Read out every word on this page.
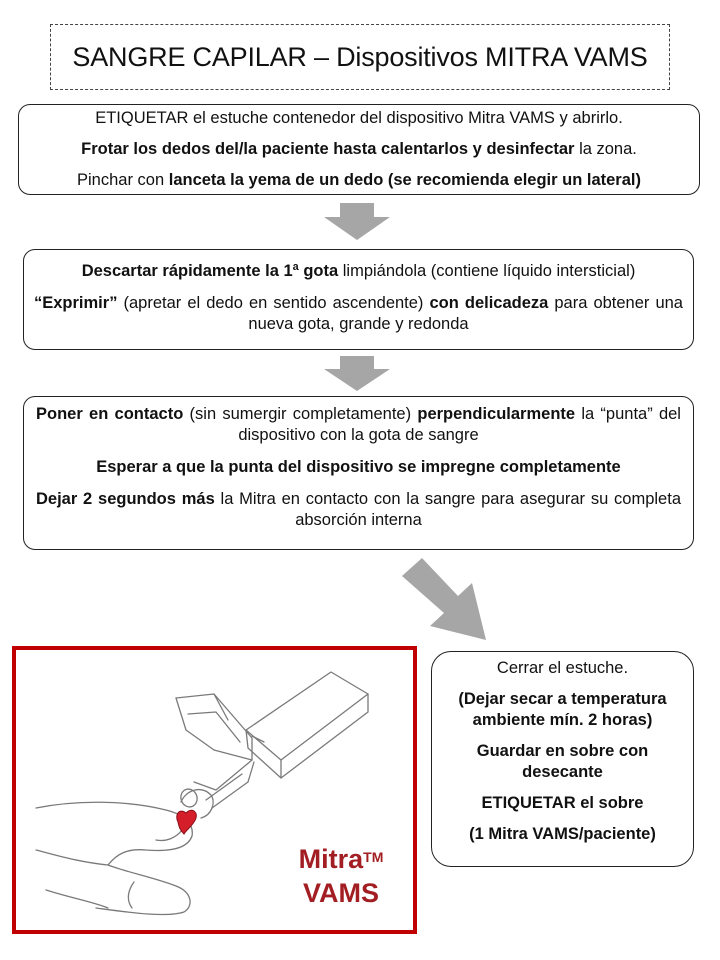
SANGRE CAPILAR – Dispositivos MITRA VAMS

ETIQUETAR el estuche contenedor del dispositivo Mitra VAMS y abrirlo.

Frotar los dedos del/la paciente hasta calentarlos y desinfectar la zona.

Pinchar con lanceta la yema de un dedo (se recomienda elegir un lateral)

Descartar rápidamente la 1ª gota limpiándola (contiene líquido intersticial)

“Exprimir” (apretar el dedo en sentido ascendente) con delicadeza para obtener una nueva gota, grande y redonda

Poner en contacto (sin sumergir completamente) perpendicularmente la “punta” del dispositivo con la gota de sangre

Esperar a que la punta del dispositivo se impregne completamente

Dejar 2 segundos más la Mitra en contacto con la sangre para asegurar su completa absorción interna

Mitra™
VAMS

Cerrar el estuche.

(Dejar secar a temperatura ambiente mín. 2 horas)

Guardar en sobre con desecante

ETIQUETAR el sobre

(1 Mitra VAMS/paciente)
